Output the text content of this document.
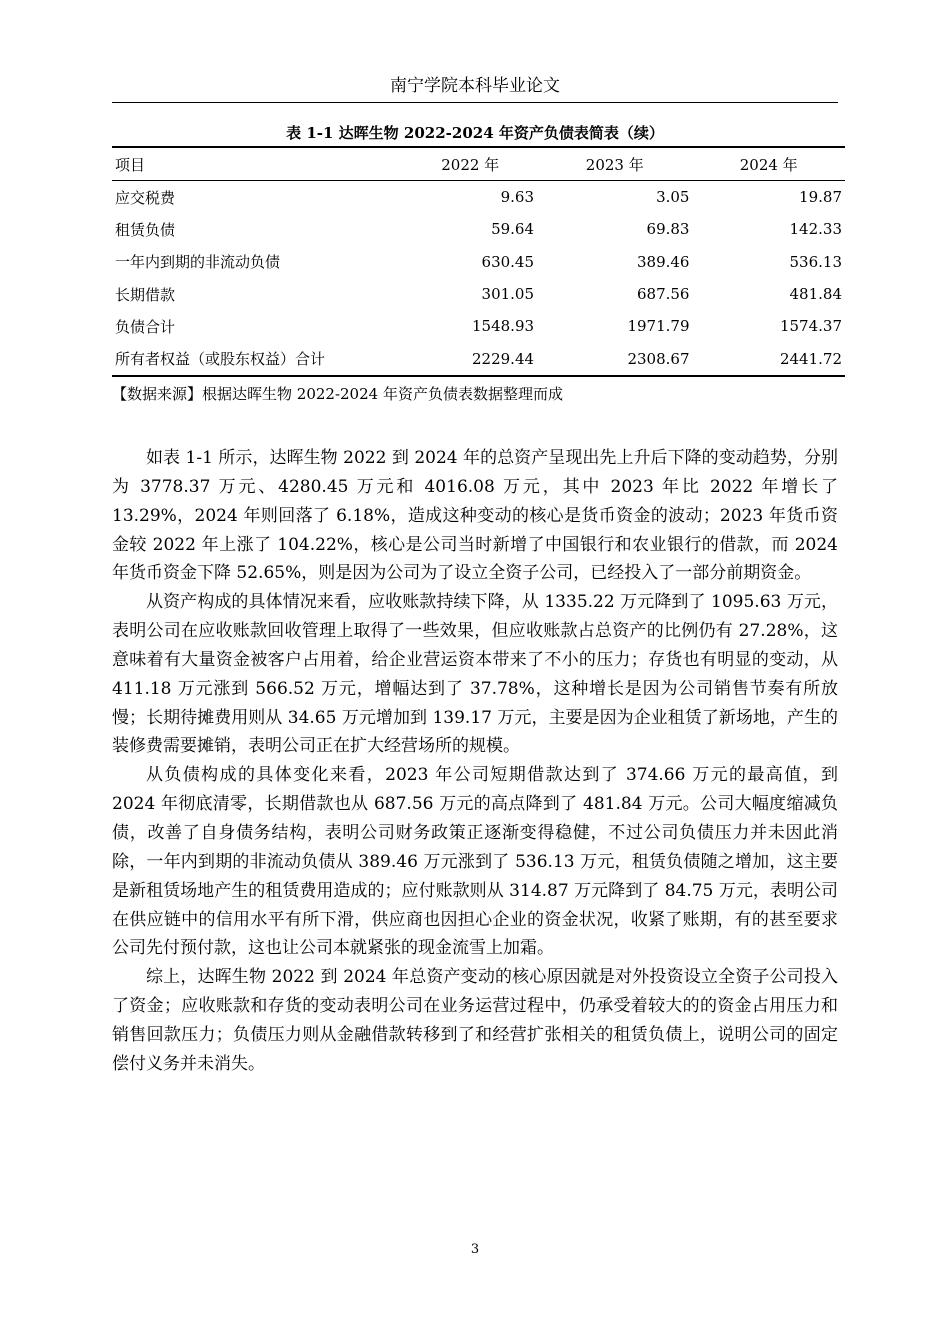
南宁学院本科毕业论文
表 1-1 达晖生物 2022-2024 年资产负债表简表（续）
项目	2022 年	2023 年	2024 年
应交税费	9.63	3.05	19.87
租赁负债	59.64	69.83	142.33
一年内到期的非流动负债	630.45	389.46	536.13
长期借款	301.05	687.56	481.84
负债合计	1548.93	1971.79	1574.37
所有者权益（或股东权益）合计	2229.44	2308.67	2441.72
【数据来源】根据达晖生物 2022-2024 年资产负债表数据整理而成

如表 1-1 所示，达晖生物 2022 到 2024 年的总资产呈现出先上升后下降的变动趋势，分别为 3778.37 万元、4280.45 万元和 4016.08 万元，其中 2023 年比 2022 年增长了 13.29%，2024 年则回落了 6.18%，造成这种变动的核心是货币资金的波动；2023 年货币资金较 2022 年上涨了 104.22%，核心是公司当时新增了中国银行和农业银行的借款，而 2024 年货币资金下降 52.65%，则是因为公司为了设立全资子公司，已经投入了一部分前期资金。

从资产构成的具体情况来看，应收账款持续下降，从 1335.22 万元降到了 1095.63 万元，表明公司在应收账款回收管理上取得了一些效果，但应收账款占总资产的比例仍有 27.28%，这意味着有大量资金被客户占用着，给企业营运资本带来了不小的压力；存货也有明显的变动，从 411.18 万元涨到 566.52 万元，增幅达到了 37.78%，这种增长是因为公司销售节奏有所放慢；长期待摊费用则从 34.65 万元增加到 139.17 万元，主要是因为企业租赁了新场地，产生的装修费需要摊销，表明公司正在扩大经营场所的规模。

从负债构成的具体变化来看，2023 年公司短期借款达到了 374.66 万元的最高值，到 2024 年彻底清零，长期借款也从 687.56 万元的高点降到了 481.84 万元。公司大幅度缩减负债，改善了自身债务结构，表明公司财务政策正逐渐变得稳健，不过公司负债压力并未因此消除，一年内到期的非流动负债从 389.46 万元涨到了 536.13 万元，租赁负债随之增加，这主要是新租赁场地产生的租赁费用造成的；应付账款则从 314.87 万元降到了 84.75 万元，表明公司在供应链中的信用水平有所下滑，供应商也因担心企业的资金状况，收紧了账期，有的甚至要求公司先付预付款，这也让公司本就紧张的现金流雪上加霜。

综上，达晖生物 2022 到 2024 年总资产变动的核心原因就是对外投资设立全资子公司投入了资金；应收账款和存货的变动表明公司在业务运营过程中，仍承受着较大的的资金占用压力和销售回款压力；负债压力则从金融借款转移到了和经营扩张相关的租赁负债上，说明公司的固定偿付义务并未消失。

3
